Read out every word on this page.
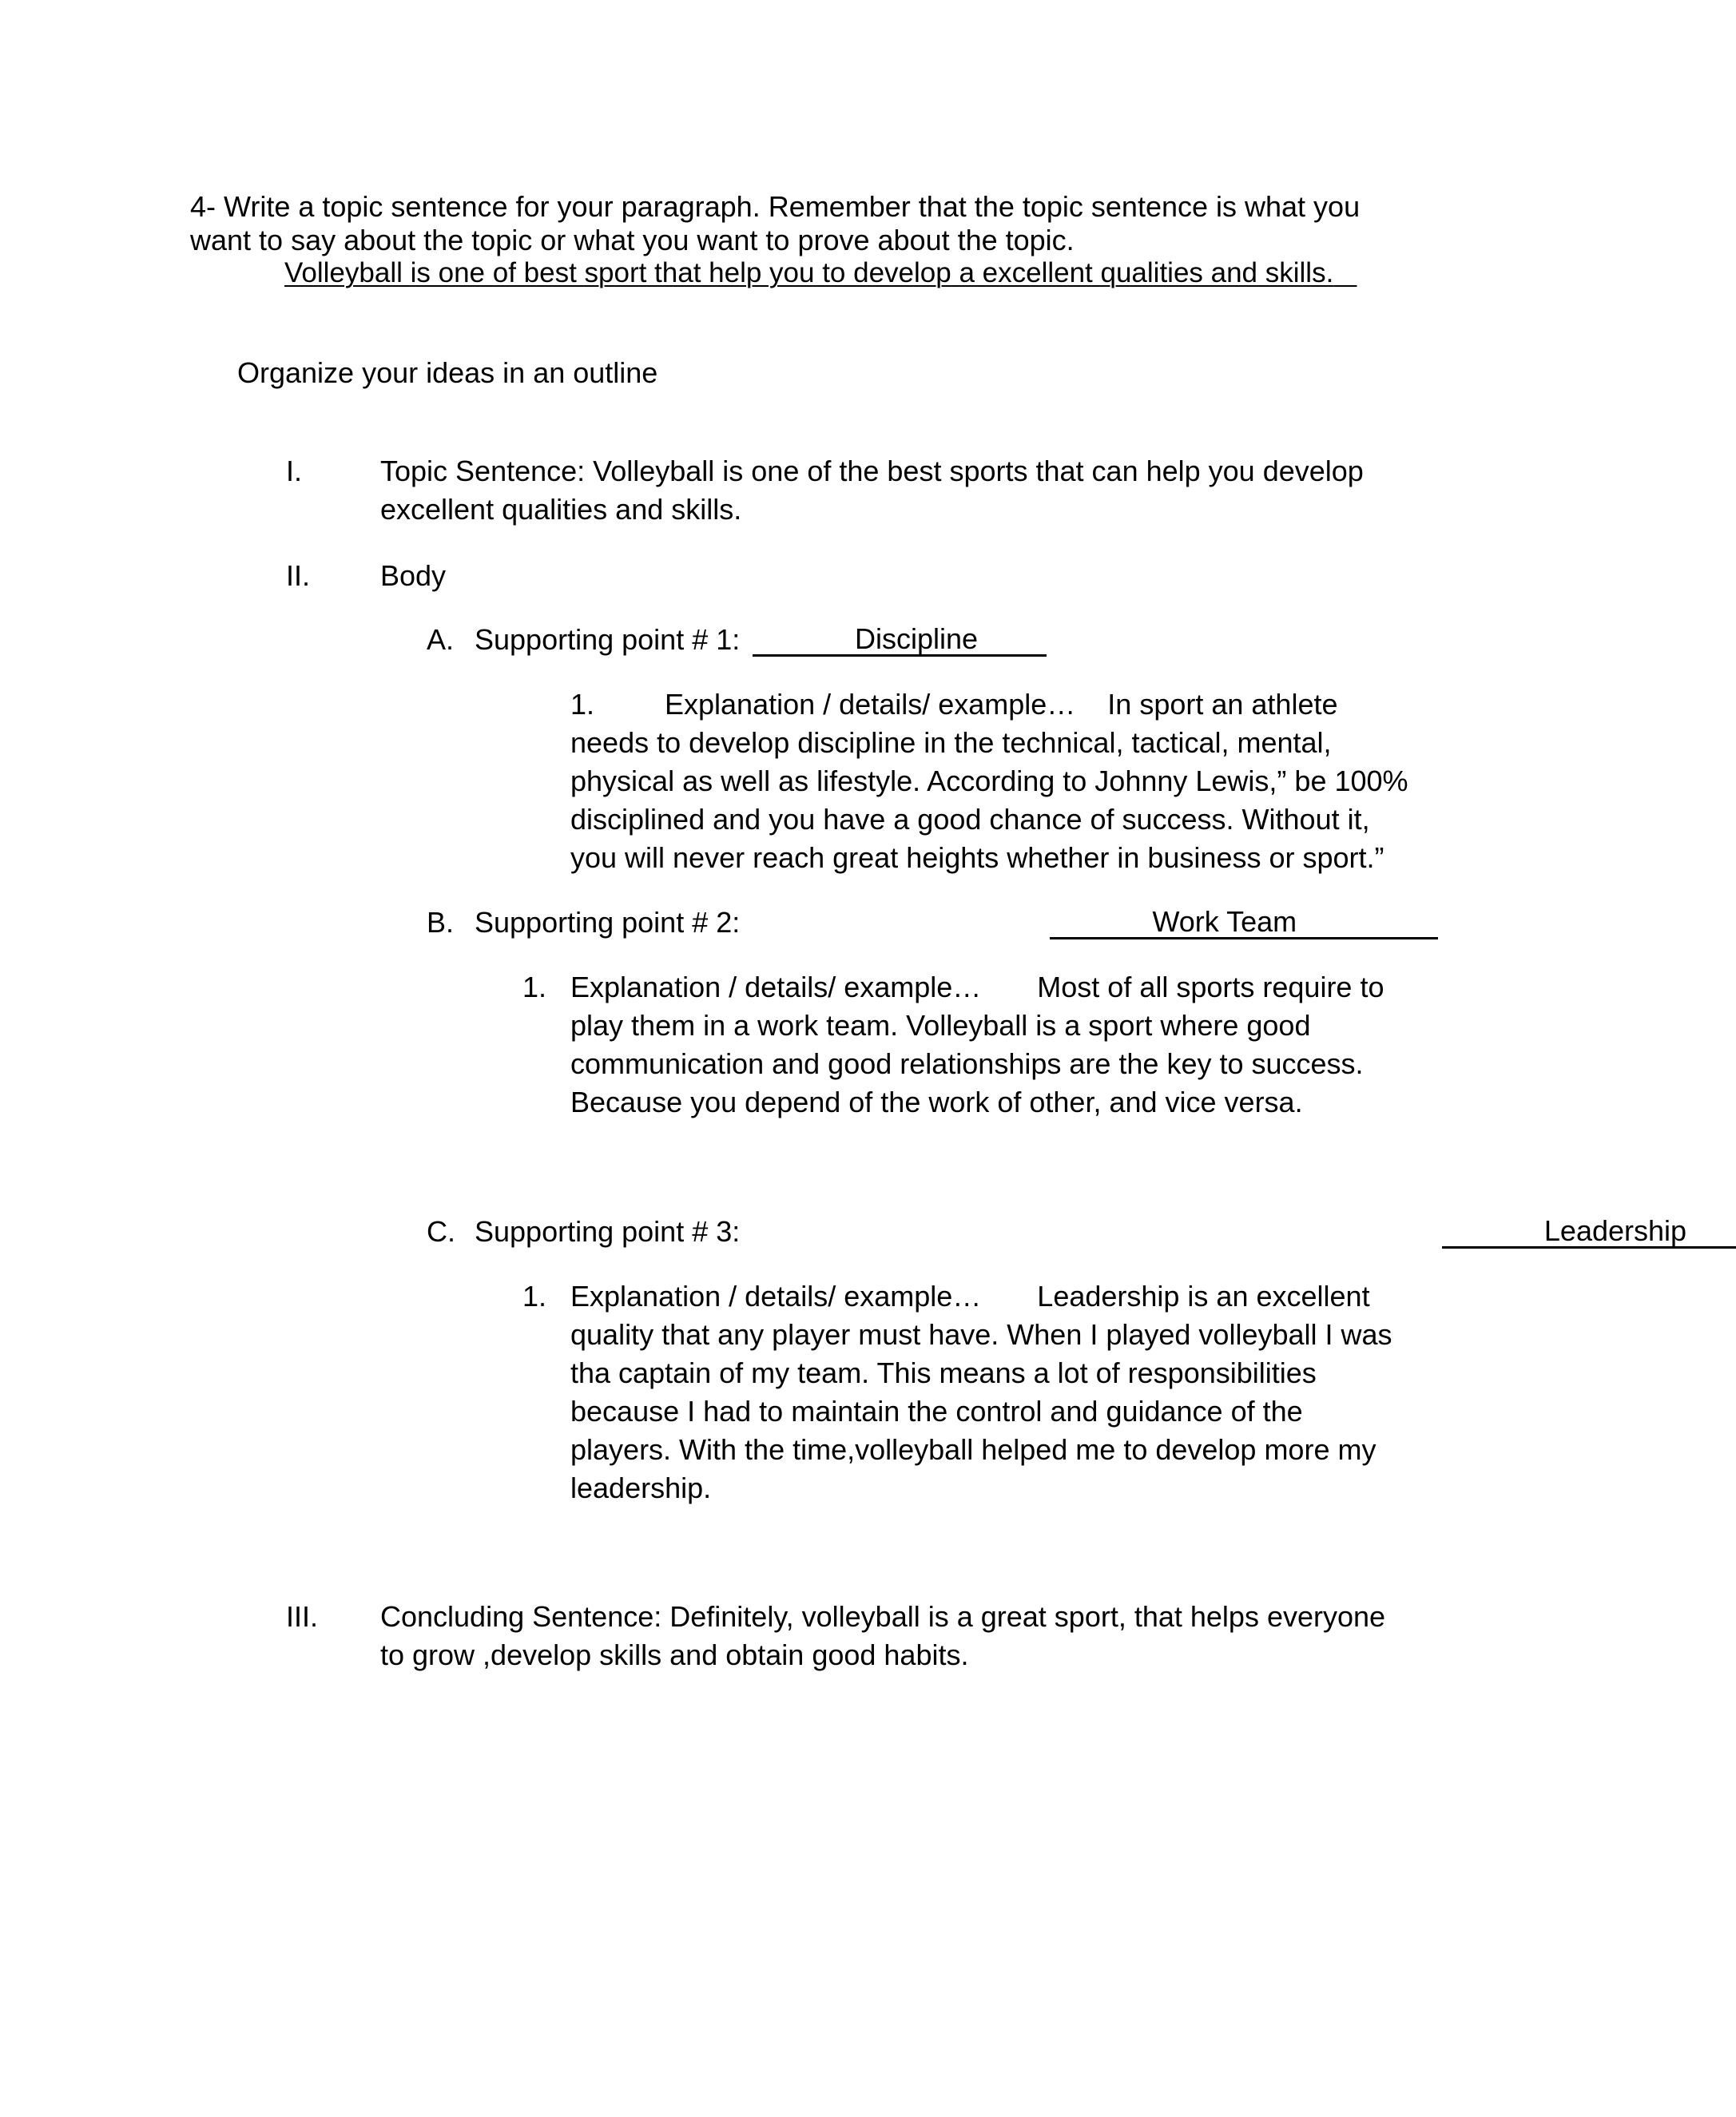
4- Write a topic sentence for your paragraph. Remember that the topic sentence is what you
want to say about the topic or what you want to prove about the topic.
Volleyball is one of best sport that help you to develop a excellent qualities and skills.
Organize your ideas in an outline
I.	Topic Sentence: Volleyball is one of the best sports that can help you develop
excellent qualities and skills.
II. Body
A. Supporting point # 1:	Discipline

1. Explanation / details/ example…    In sport an athlete
needs to develop discipline in the technical, tactical, mental,
physical as well as lifestyle. According to Johnny Lewis,” be 100%
disciplined and you have a good chance of success. Without it,
you will never reach great heights whether in business or sport.”
B. Supporting point # 2:	Work Team

1. Explanation / details/ example…       Most of all sports require to
play them in a work team. Volleyball is a sport where good
communication and good relationships are the key to success.
Because you depend of the work of other, and vice versa.
C. Supporting point # 3:	Leadership
1. Explanation / details/ example…       Leadership is an excellent
quality that any player must have. When I played volleyball I was
tha captain of my team. This means a lot of responsibilities
because I had to maintain the control and guidance of the
players. With the time,volleyball helped me to develop more my
leadership.
III. Concluding Sentence: Definitely, volleyball is a great sport, that helps everyone
to grow ,develop skills and obtain good habits.
